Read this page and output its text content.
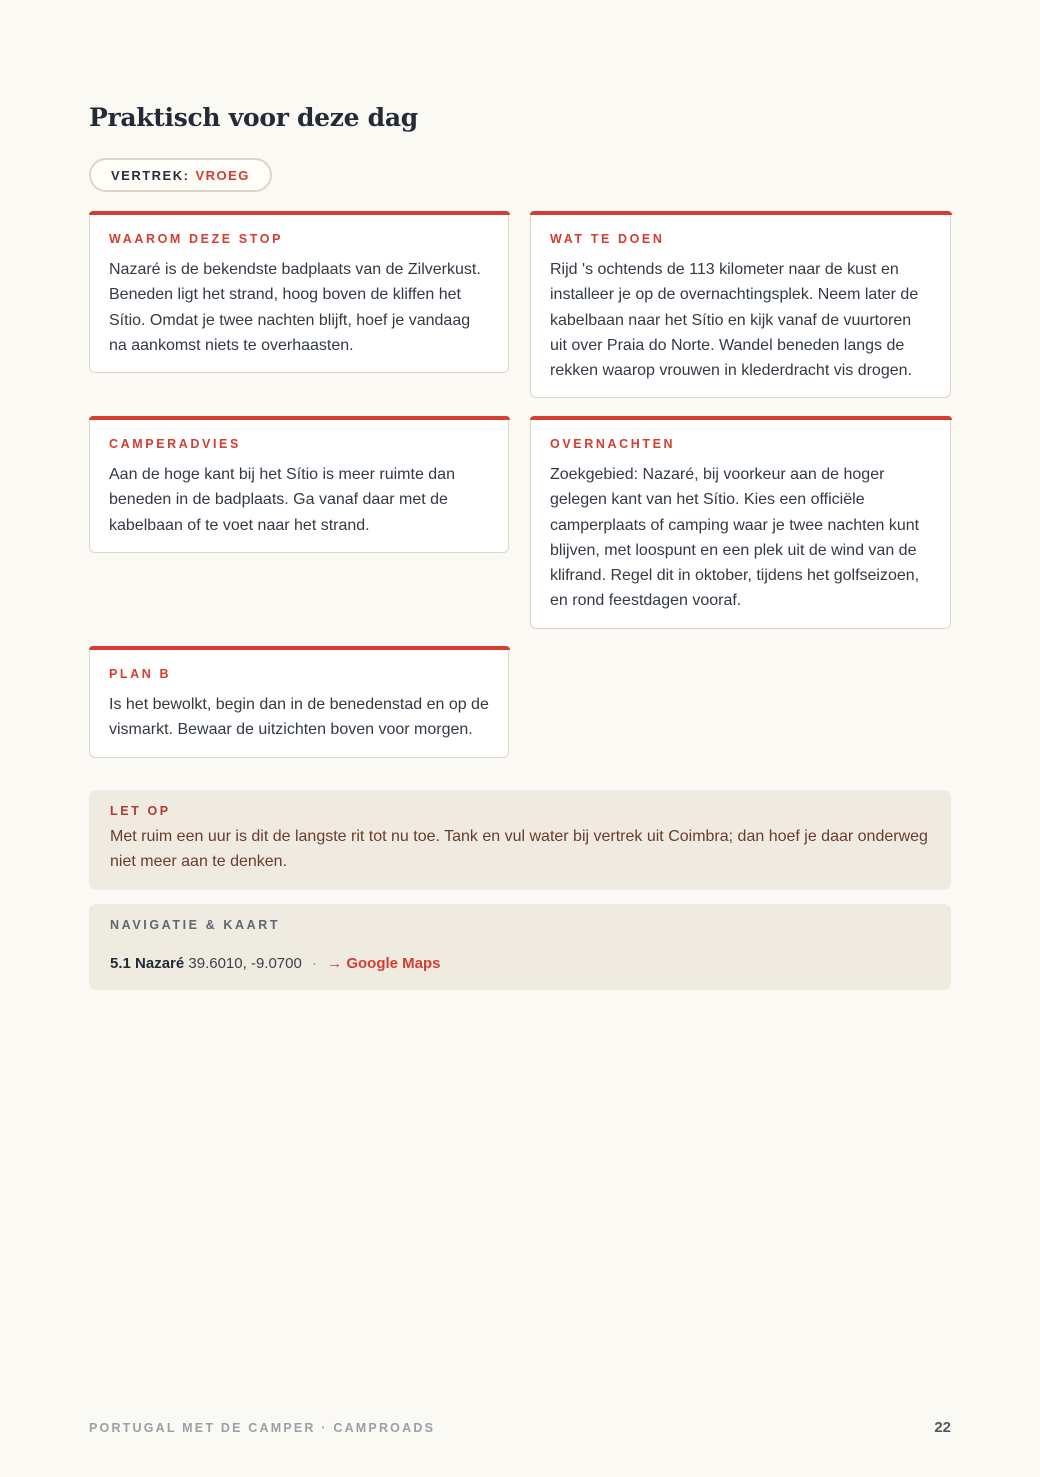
Praktisch voor deze dag
VERTREK: VROEG
WAAROM DEZE STOP
Nazaré is de bekendste badplaats van de Zilverkust. Beneden ligt het strand, hoog boven de kliffen het Sítio. Omdat je twee nachten blijft, hoef je vandaag na aankomst niets te overhaasten.
WAT TE DOEN
Rijd 's ochtends de 113 kilometer naar de kust en installeer je op de overnachtingsplek. Neem later de kabelbaan naar het Sítio en kijk vanaf de vuurtoren uit over Praia do Norte. Wandel beneden langs de rekken waarop vrouwen in klederdracht vis drogen.
CAMPERADVIES
Aan de hoge kant bij het Sítio is meer ruimte dan beneden in de badplaats. Ga vanaf daar met de kabelbaan of te voet naar het strand.
OVERNACHTEN
Zoekgebied: Nazaré, bij voorkeur aan de hoger gelegen kant van het Sítio. Kies een officiële camperplaats of camping waar je twee nachten kunt blijven, met loospunt en een plek uit de wind van de klifrand. Regel dit in oktober, tijdens het golfseizoen, en rond feestdagen vooraf.
PLAN B
Is het bewolkt, begin dan in de benedenstad en op de vismarkt. Bewaar de uitzichten boven voor morgen.
LET OP
Met ruim een uur is dit de langste rit tot nu toe. Tank en vul water bij vertrek uit Coimbra; dan hoef je daar onderweg niet meer aan te denken.
NAVIGATIE & KAART
5.1 Nazaré 39.6010, -9.0700 · → Google Maps
PORTUGAL MET DE CAMPER · CAMPROADS	22
